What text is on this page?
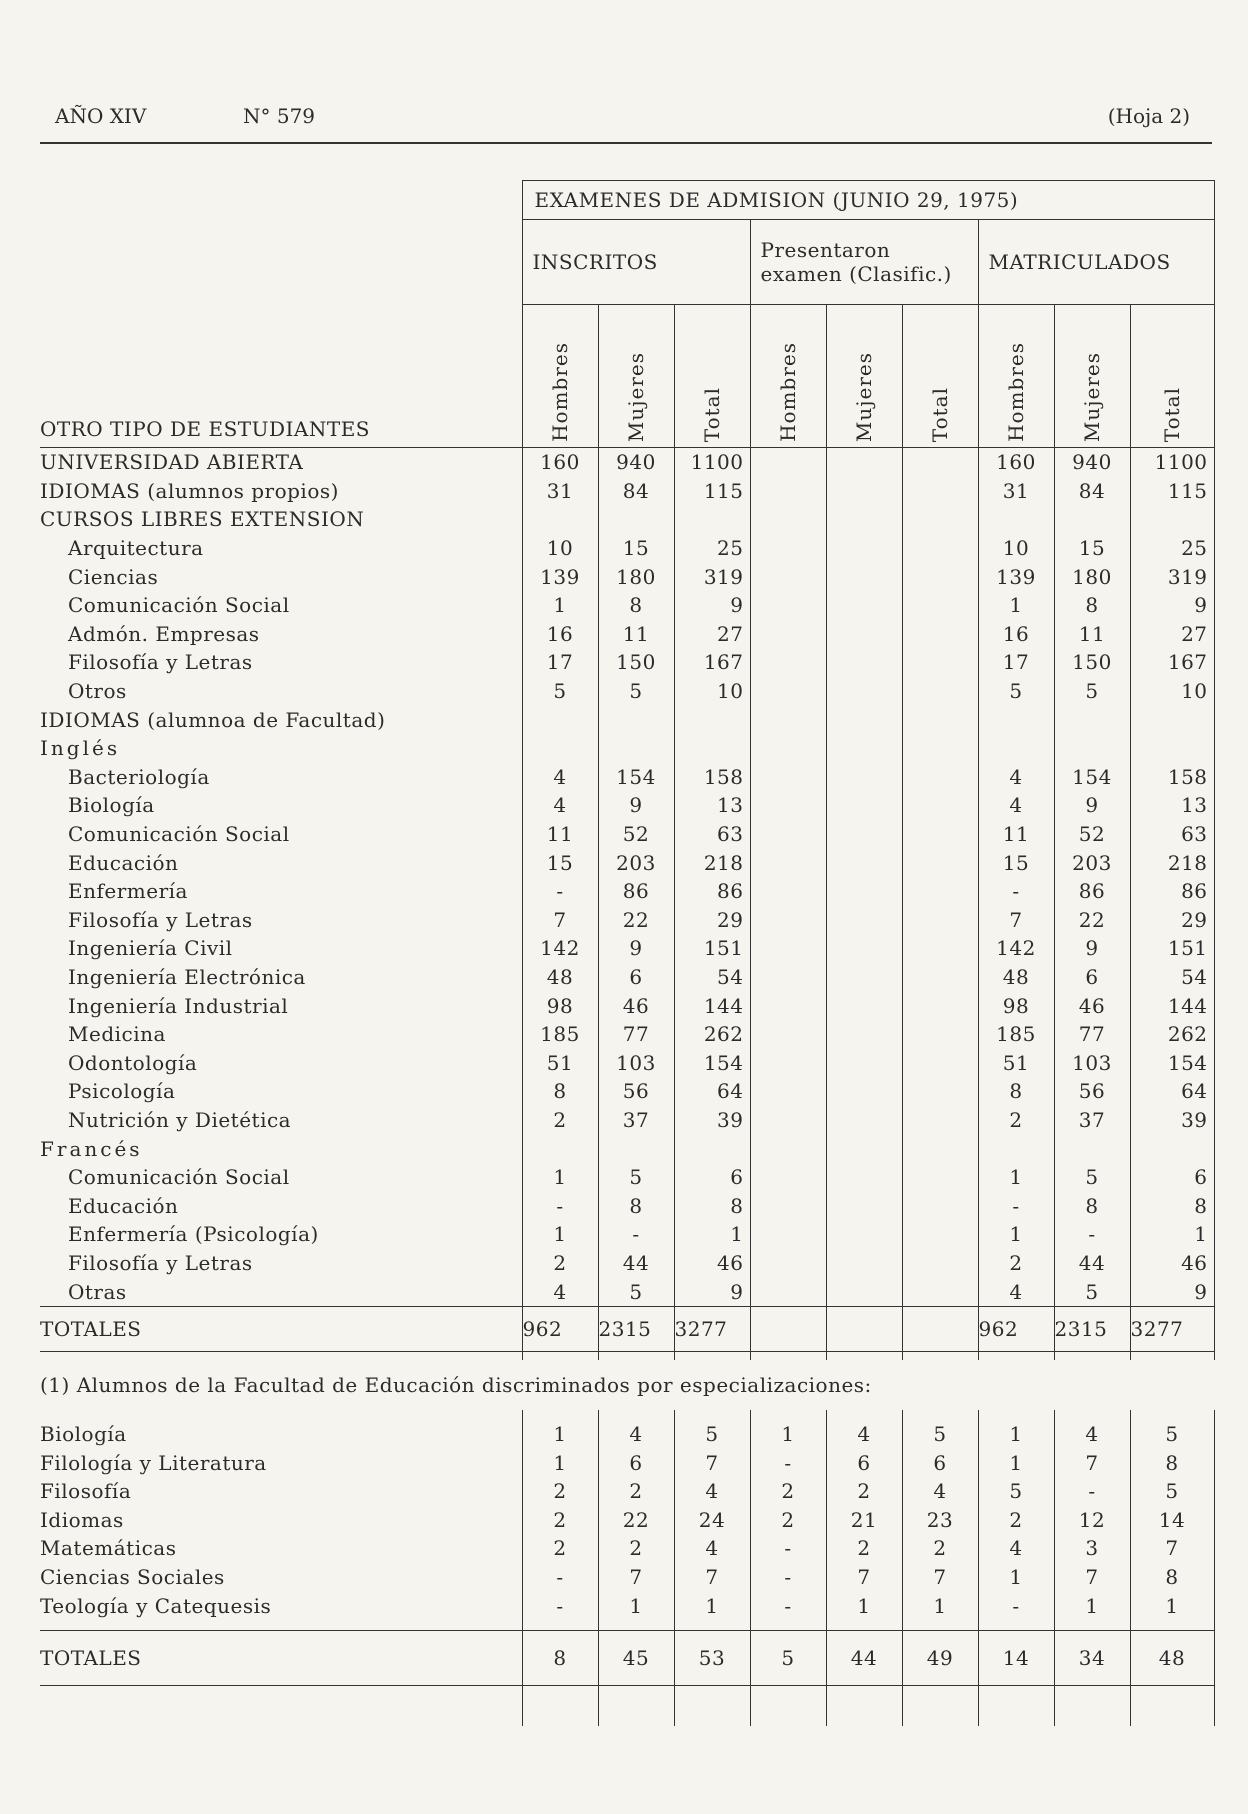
AÑO XIV	N° 579	(Hoja 2)
OTRO TIPO DE ESTUDIANTES	EXAMENES DE ADMISION (JUNIO 29, 1975)								
	INSCRITOS			Presentaron examen (Clasific.)			MATRICULADOS		
	Hombres	Mujeres	Total	Hombres	Mujeres	Total	Hombres	Mujeres	Total
UNIVERSIDAD ABIERTA	160	940	1100				160	940	1100
IDIOMAS (alumnos propios)	31	84	115				31	84	115
CURSOS LIBRES EXTENSION									
Arquitectura	10	15	25				10	15	25
Ciencias	139	180	319				139	180	319
Comunicación Social	1	8	9				1	8	9
Admón. Empresas	16	11	27				16	11	27
Filosofía y Letras	17	150	167				17	150	167
Otros	5	5	10				5	5	10
IDIOMAS (alumnoa de Facultad)									
Inglés									
Bacteriología	4	154	158				4	154	158
Biología	4	9	13				4	9	13
Comunicación Social	11	52	63				11	52	63
Educación	15	203	218				15	203	218
Enfermería	-	86	86				-	86	86
Filosofía y Letras	7	22	29				7	22	29
Ingeniería Civil	142	9	151				142	9	151
Ingeniería Electrónica	48	6	54				48	6	54
Ingeniería Industrial	98	46	144				98	46	144
Medicina	185	77	262				185	77	262
Odontología	51	103	154				51	103	154
Psicología	8	56	64				8	56	64
Nutrición y Dietética	2	37	39				2	37	39
Francés									
Comunicación Social	1	5	6				1	5	6
Educación	-	8	8				-	8	8
Enfermería (Psicología)	1	-	1				1	-	1
Filosofía y Letras	2	44	46				2	44	46
Otras	4	5	9				4	5	9
TOTALES	962	2315	3277				962	2315	3277

(1) Alumnos de la Facultad de Educación discriminados por especializaciones:									

Biología	1	4	5	1	4	5	1	4	5
Filología y Literatura	1	6	7	-	6	6	1	7	8
Filosofía	2	2	4	2	2	4	5	-	5
Idiomas	2	22	24	2	21	23	2	12	14
Matemáticas	2	2	4	-	2	2	4	3	7
Ciencias Sociales	-	7	7	-	7	7	1	7	8
Teología y Catequesis	-	1	1	-	1	1	-	1	1

TOTALES	8	45	53	5	44	49	14	34	48
